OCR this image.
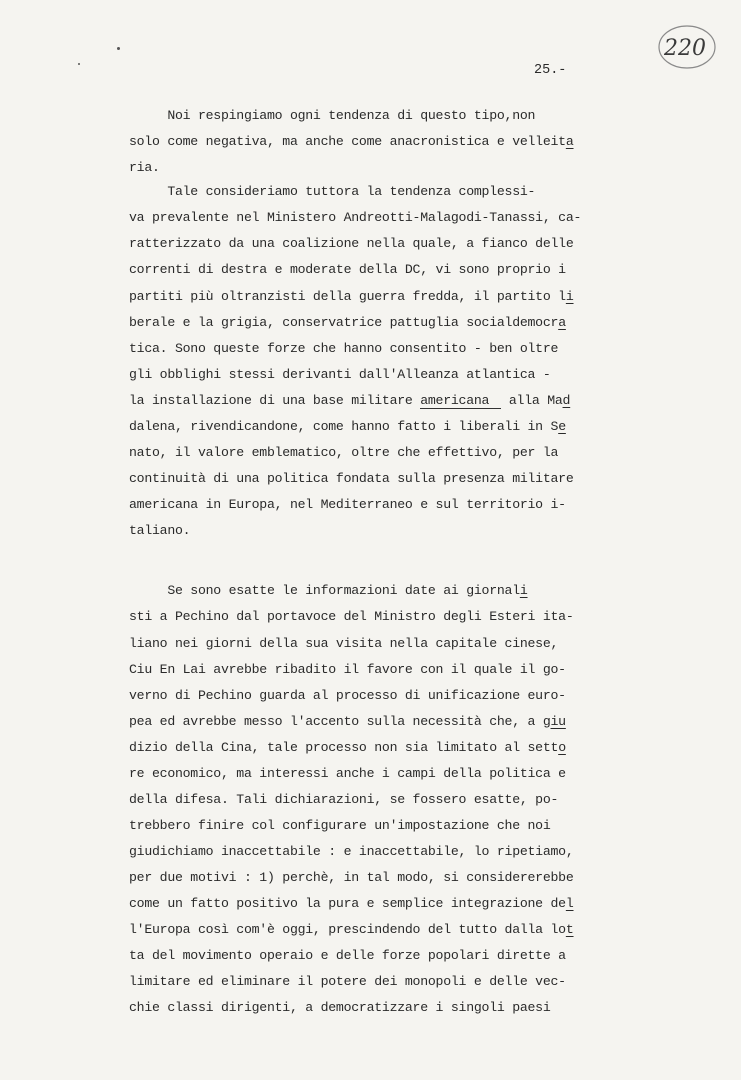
220
25.-
Noi respingiamo ogni tendenza di questo tipo,non
solo come negativa, ma anche come anacronistica e velleita
ria.
Tale consideriamo tuttora la tendenza complessi-
va prevalente nel Ministero Andreotti-Malagodi-Tanassi, ca-
ratterizzato da una coalizione nella quale, a fianco delle
correnti di destra e moderate della DC, vi sono proprio i
partiti più oltranzisti della guerra fredda, il partito li
berale e la grigia, conservatrice pattuglia socialdemocra
tica. Sono queste forze che hanno consentito - ben oltre
gli obblighi stessi derivanti dall'Alleanza atlantica -
la installazione di una base militare americana alla Mad
dalena, rivendicandone, come hanno fatto i liberali in Se
nato, il valore emblematico, oltre che effettivo, per la
continuità di una politica fondata sulla presenza militare
americana in Europa, nel Mediterraneo e sul territorio i-
taliano.
Se sono esatte le informazioni date ai giornali
sti a Pechino dal portavoce del Ministro degli Esteri ita-
liano nei giorni della sua visita nella capitale cinese,
Ciu En Lai avrebbe ribadito il favore con il quale il go-
verno di Pechino guarda al processo di unificazione euro-
pea ed avrebbe messo l'accento sulla necessità che, a giu
dizio della Cina, tale processo non sia limitato al setto
re economico, ma interessi anche i campi della politica e
della difesa. Tali dichiarazioni, se fossero esatte, po-
trebbero finire col configurare un'impostazione che noi
giudichiamo inaccettabile : e inaccettabile, lo ripetiamo,
per due motivi : 1) perchè, in tal modo, si considererebbe
come un fatto positivo la pura e semplice integrazione del
l'Europa così com'è oggi, prescindendo del tutto dalla lot
ta del movimento operaio e delle forze popolari dirette a
limitare ed eliminare il potere dei monopoli e delle vec-
chie classi dirigenti, a democratizzare i singoli paesi
